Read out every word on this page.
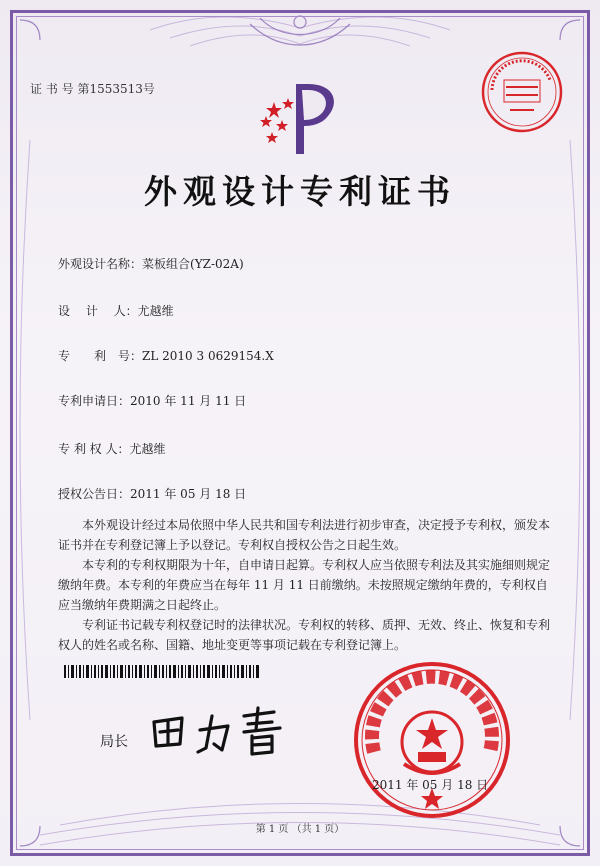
证 书 号 第1553513号
外观设计专利证书
外观设计名称：菜板组合(YZ-02A)
设　 计 　人：尤越维
专　　利　号：ZL 2010 3 0629154.X
专利申请日：2010 年 11 月 11 日
专 利 权 人：尤越维
授权公告日：2011 年 05 月 18 日
本外观设计经过本局依照中华人民共和国专利法进行初步审查，决定授予专利权，颁发本证书并在专利登记簿上予以登记。专利权自授权公告之日起生效。
本专利的专利权期限为十年，自申请日起算。专利权人应当依照专利法及其实施细则规定缴纳年费。本专利的年费应当在每年 11 月 11 日前缴纳。未按照规定缴纳年费的，专利权自应当缴纳年费期满之日起终止。
专利证书记载专利权登记时的法律状况。专利权的转移、质押、无效、终止、恢复和专利权人的姓名或名称、国籍、地址变更等事项记载在专利登记簿上。
局长
2011 年 05 月 18 日
第 1 页 （共 1 页）
